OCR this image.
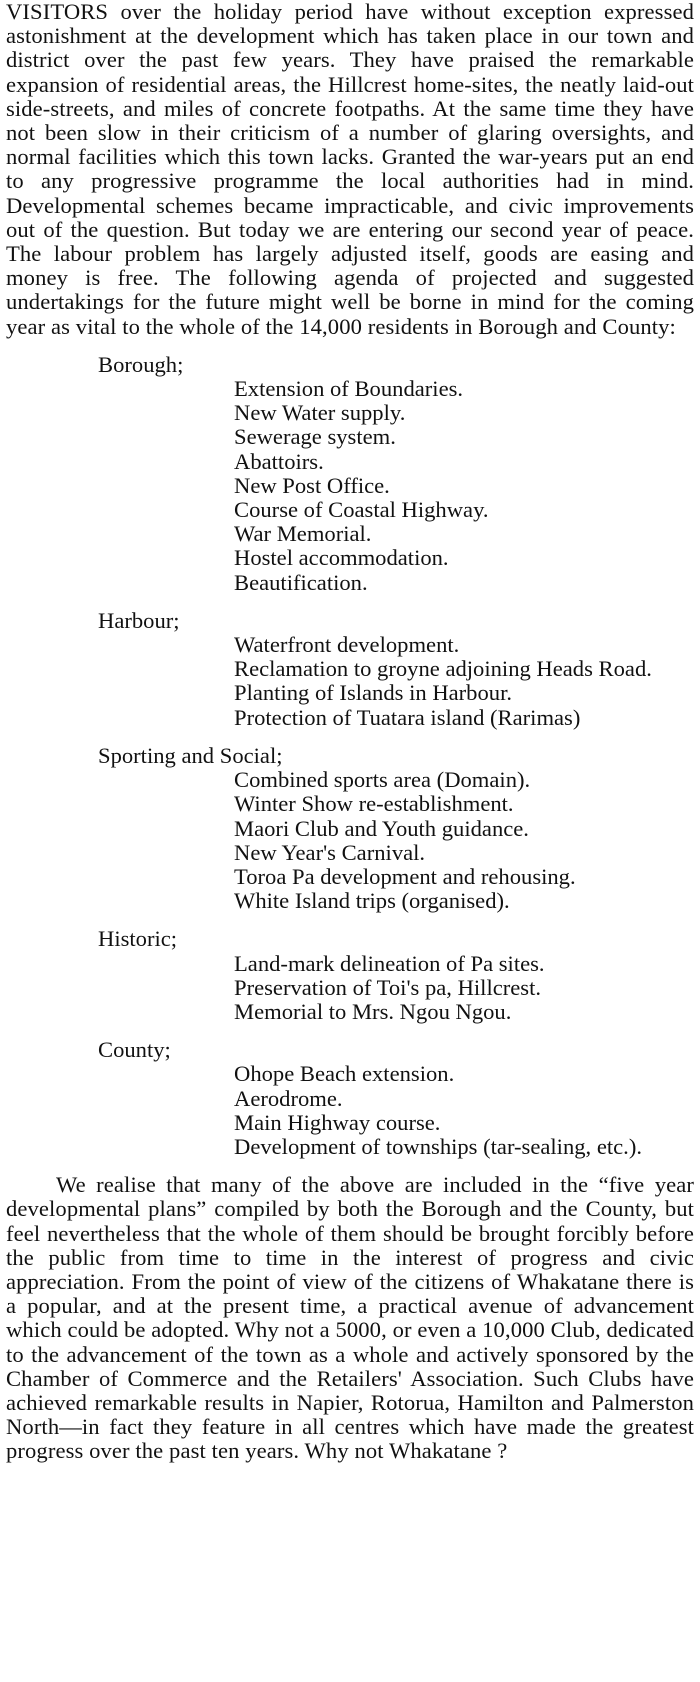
VISITORS over the holiday period have without exception expressed astonishment at the development which has taken place in our town and district over the past few years. They have praised the remarkable expansion of residential areas, the Hillcrest home-sites, the neatly laid-out side-streets, and miles of concrete footpaths. At the same time they have not been slow in their criticism of a number of glaring oversights, and normal facilities which this town lacks. Granted the war-years put an end to any progressive programme the local authorities had in mind. Developmental schemes became impracticable, and civic improvements out of the question. But today we are entering our second year of peace. The labour problem has largely adjusted itself, goods are easing and money is free. The following agenda of projected and suggested undertakings for the future might well be borne in mind for the coming year as vital to the whole of the 14,000 residents in Borough and County:

Borough;

Extension of Boundaries.
New Water supply.
Sewerage system.
Abattoirs.
New Post Office.
Course of Coastal Highway.
War Memorial.
Hostel accommodation.
Beautification.

Harbour;

Waterfront development.
Reclamation to groyne adjoining Heads Road.
Planting of Islands in Harbour.
Protection of Tuatara island (Rarimas)

Sporting and Social;

Combined sports area (Domain).
Winter Show re-establishment.
Maori Club and Youth guidance.
New Year's Carnival.
Toroa Pa development and rehousing.
White Island trips (organised).

Historic;

Land-mark delineation of Pa sites.
Preservation of Toi's pa, Hillcrest.
Memorial to Mrs. Ngou Ngou.

County;

Ohope Beach extension.
Aerodrome.
Main Highway course.
Development of townships (tar-sealing, etc.).

We realise that many of the above are included in the “five year developmental plans” compiled by both the Borough and the County, but feel nevertheless that the whole of them should be brought forcibly before the public from time to time in the interest of progress and civic appreciation. From the point of view of the citizens of Whakatane there is a popular, and at the present time, a practical avenue of advancement which could be adopted. Why not a 5000, or even a 10,000 Club, dedicated to the advancement of the town as a whole and actively sponsored by the Chamber of Commerce and the Retailers' Association. Such Clubs have achieved remarkable results in Napier, Rotorua, Hamilton and Palmerston North—in fact they feature in all centres which have made the greatest progress over the past ten years. Why not Whakatane ?
